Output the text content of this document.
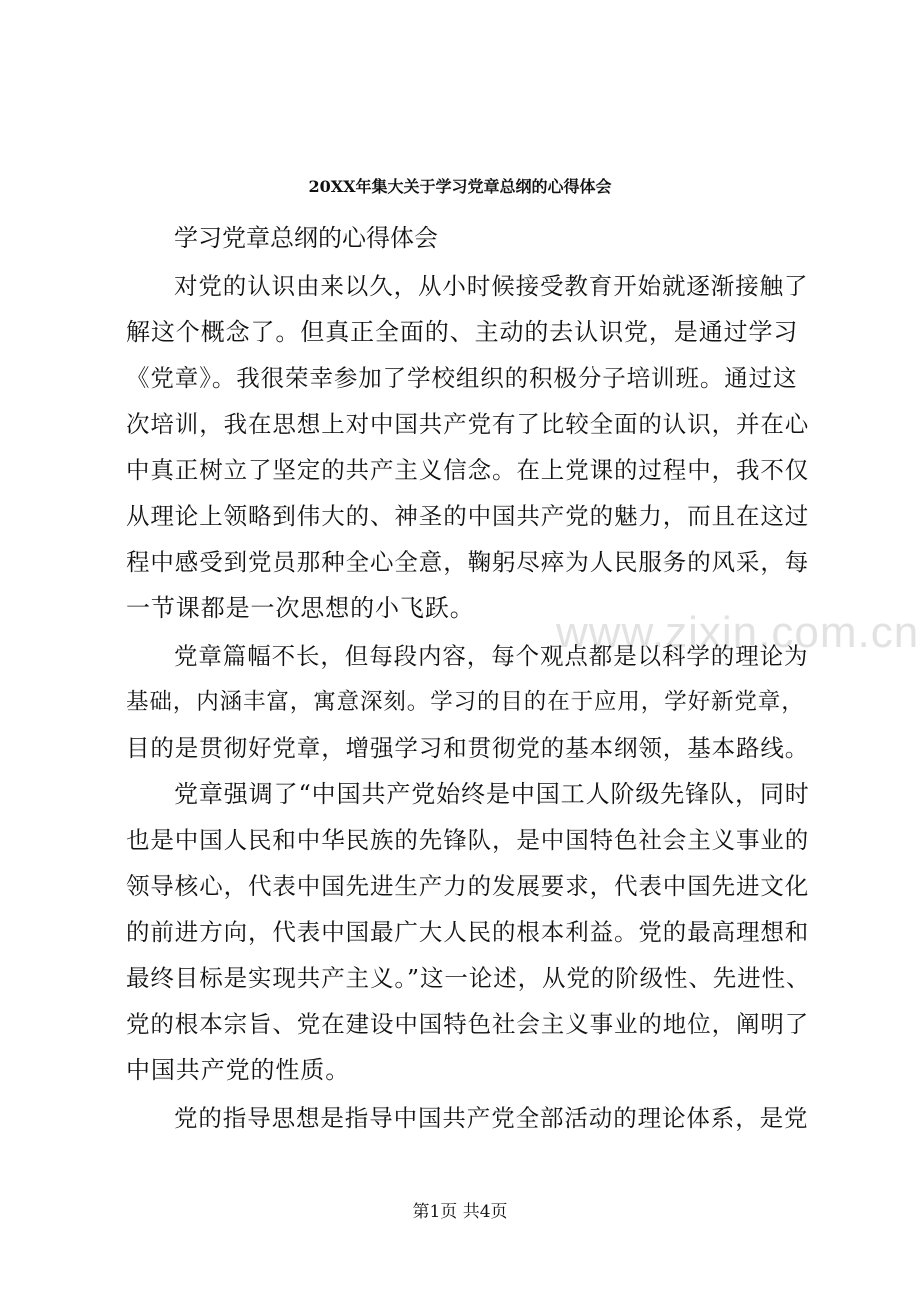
20XX年集大关于学习党章总纲的心得体会
学习党章总纲的心得体会
www.zixin.com.cn
对党的认识由来以久，从小时候接受教育开始就逐渐接触了
解这个概念了。但真正全面的、主动的去认识党，是通过学习
《党章》。我很荣幸参加了学校组织的积极分子培训班。通过这
次培训，我在思想上对中国共产党有了比较全面的认识，并在心
中真正树立了坚定的共产主义信念。在上党课的过程中，我不仅
从理论上领略到伟大的、神圣的中国共产党的魅力，而且在这过
程中感受到党员那种全心全意，鞠躬尽瘁为人民服务的风采，每
一节课都是一次思想的小飞跃。
党章篇幅不长，但每段内容，每个观点都是以科学的理论为
基础，内涵丰富，寓意深刻。学习的目的在于应用，学好新党章，
目的是贯彻好党章，增强学习和贯彻党的基本纲领，基本路线。
党章强调了“中国共产党始终是中国工人阶级先锋队，同时
也是中国人民和中华民族的先锋队，是中国特色社会主义事业的
领导核心，代表中国先进生产力的发展要求，代表中国先进文化
的前进方向，代表中国最广大人民的根本利益。党的最高理想和
最终目标是实现共产主义。”这一论述，从党的阶级性、先进性、
党的根本宗旨、党在建设中国特色社会主义事业的地位，阐明了
中国共产党的性质。
党的指导思想是指导中国共产党全部活动的理论体系，是党
第1页 共4页
